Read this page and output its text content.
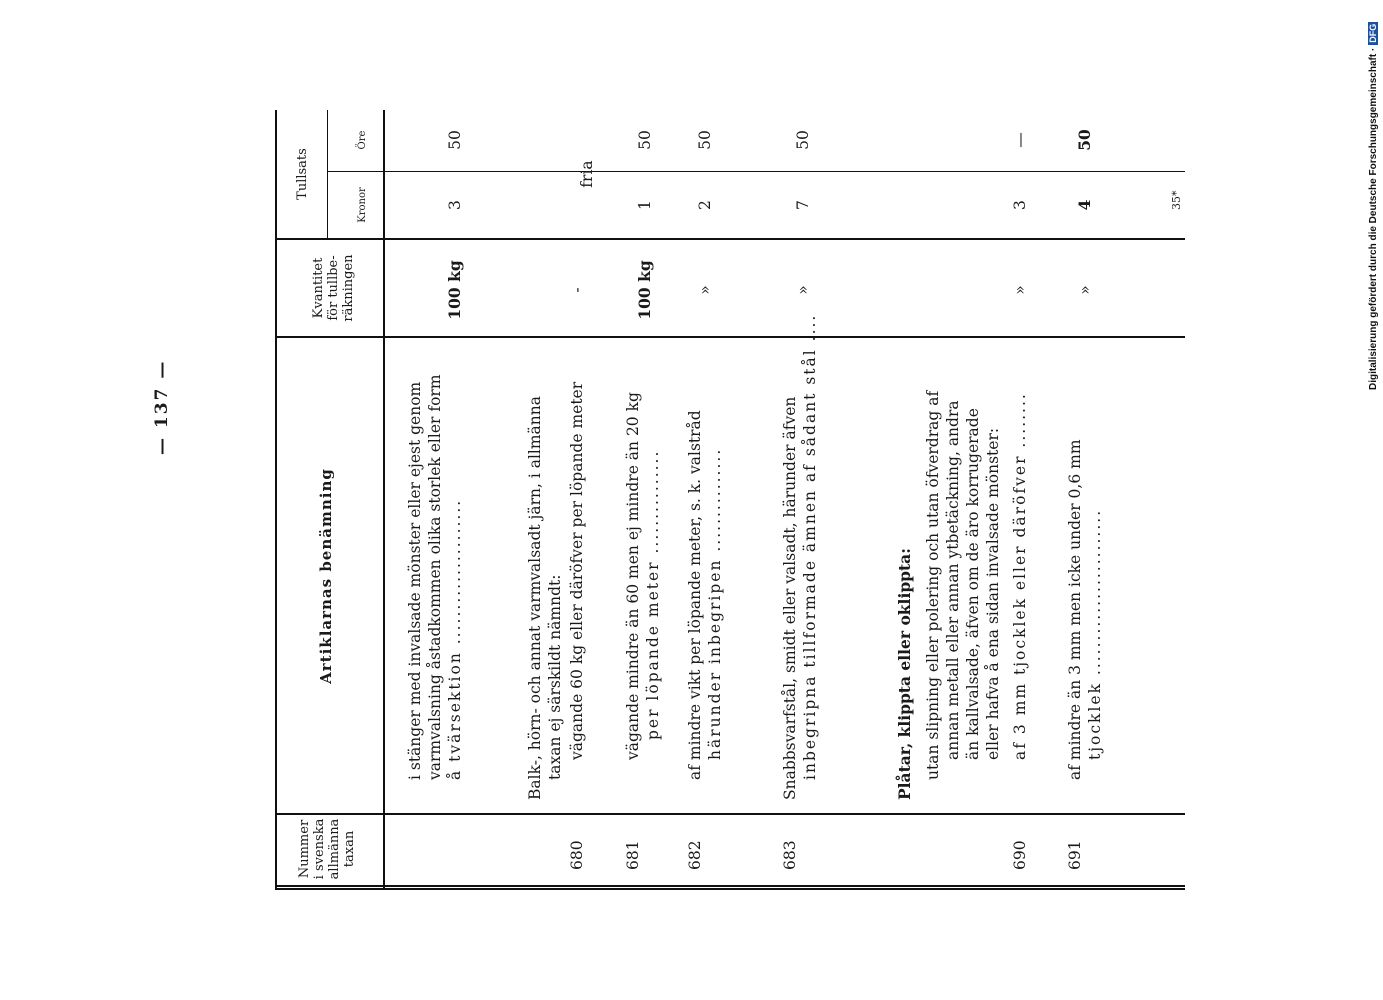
— 137 —
Nummer i svenska allmänna taxan
Artiklarnas benämning
Kvantitet för tullbe- räkningen
Tullsats
Kronor
Öre
i stänger med invalsade mönster eller ejest genom varmvalsning åstadkommen olika storlek eller form å tvärsektion .....................
100 kg
3
50
Balk-, hörn- och annat varmvalsadt järn, i allmänna taxan ej särskildt nämndt:
680
vägande 60 kg eller däröfver per löpande meter
-
fria
681
vägande mindre än 60 men ej mindre än 20 kg per löpande meter ...............
100 kg
1
50
682
af mindre vikt per löpande meter, s. k. valstråd härunder inbegripen ...............
»
2
50
683
Snabbsvarfstål, smidt eller valsadt, härunder äfven inbegripna tillformade ämnen af sådant stål ....
»
7
50
Plåtar, klippta eller oklippta: utan slipning eller polering och utan öfverdrag af annan metall eller annan ytbetäckning, andra än kallvalsade, äfven om de äro korrugerade eller hafva å ena sidan invalsade mönster:
690
af 3 mm tjocklek eller däröfver ........
»
3
—
691
af mindre än 3 mm men icke under 0,6 mm tjocklek ........................
»
4
50
35*	Digitalisierung gefördert durch die Deutsche Forschungsgemeinschaft ·DFG
